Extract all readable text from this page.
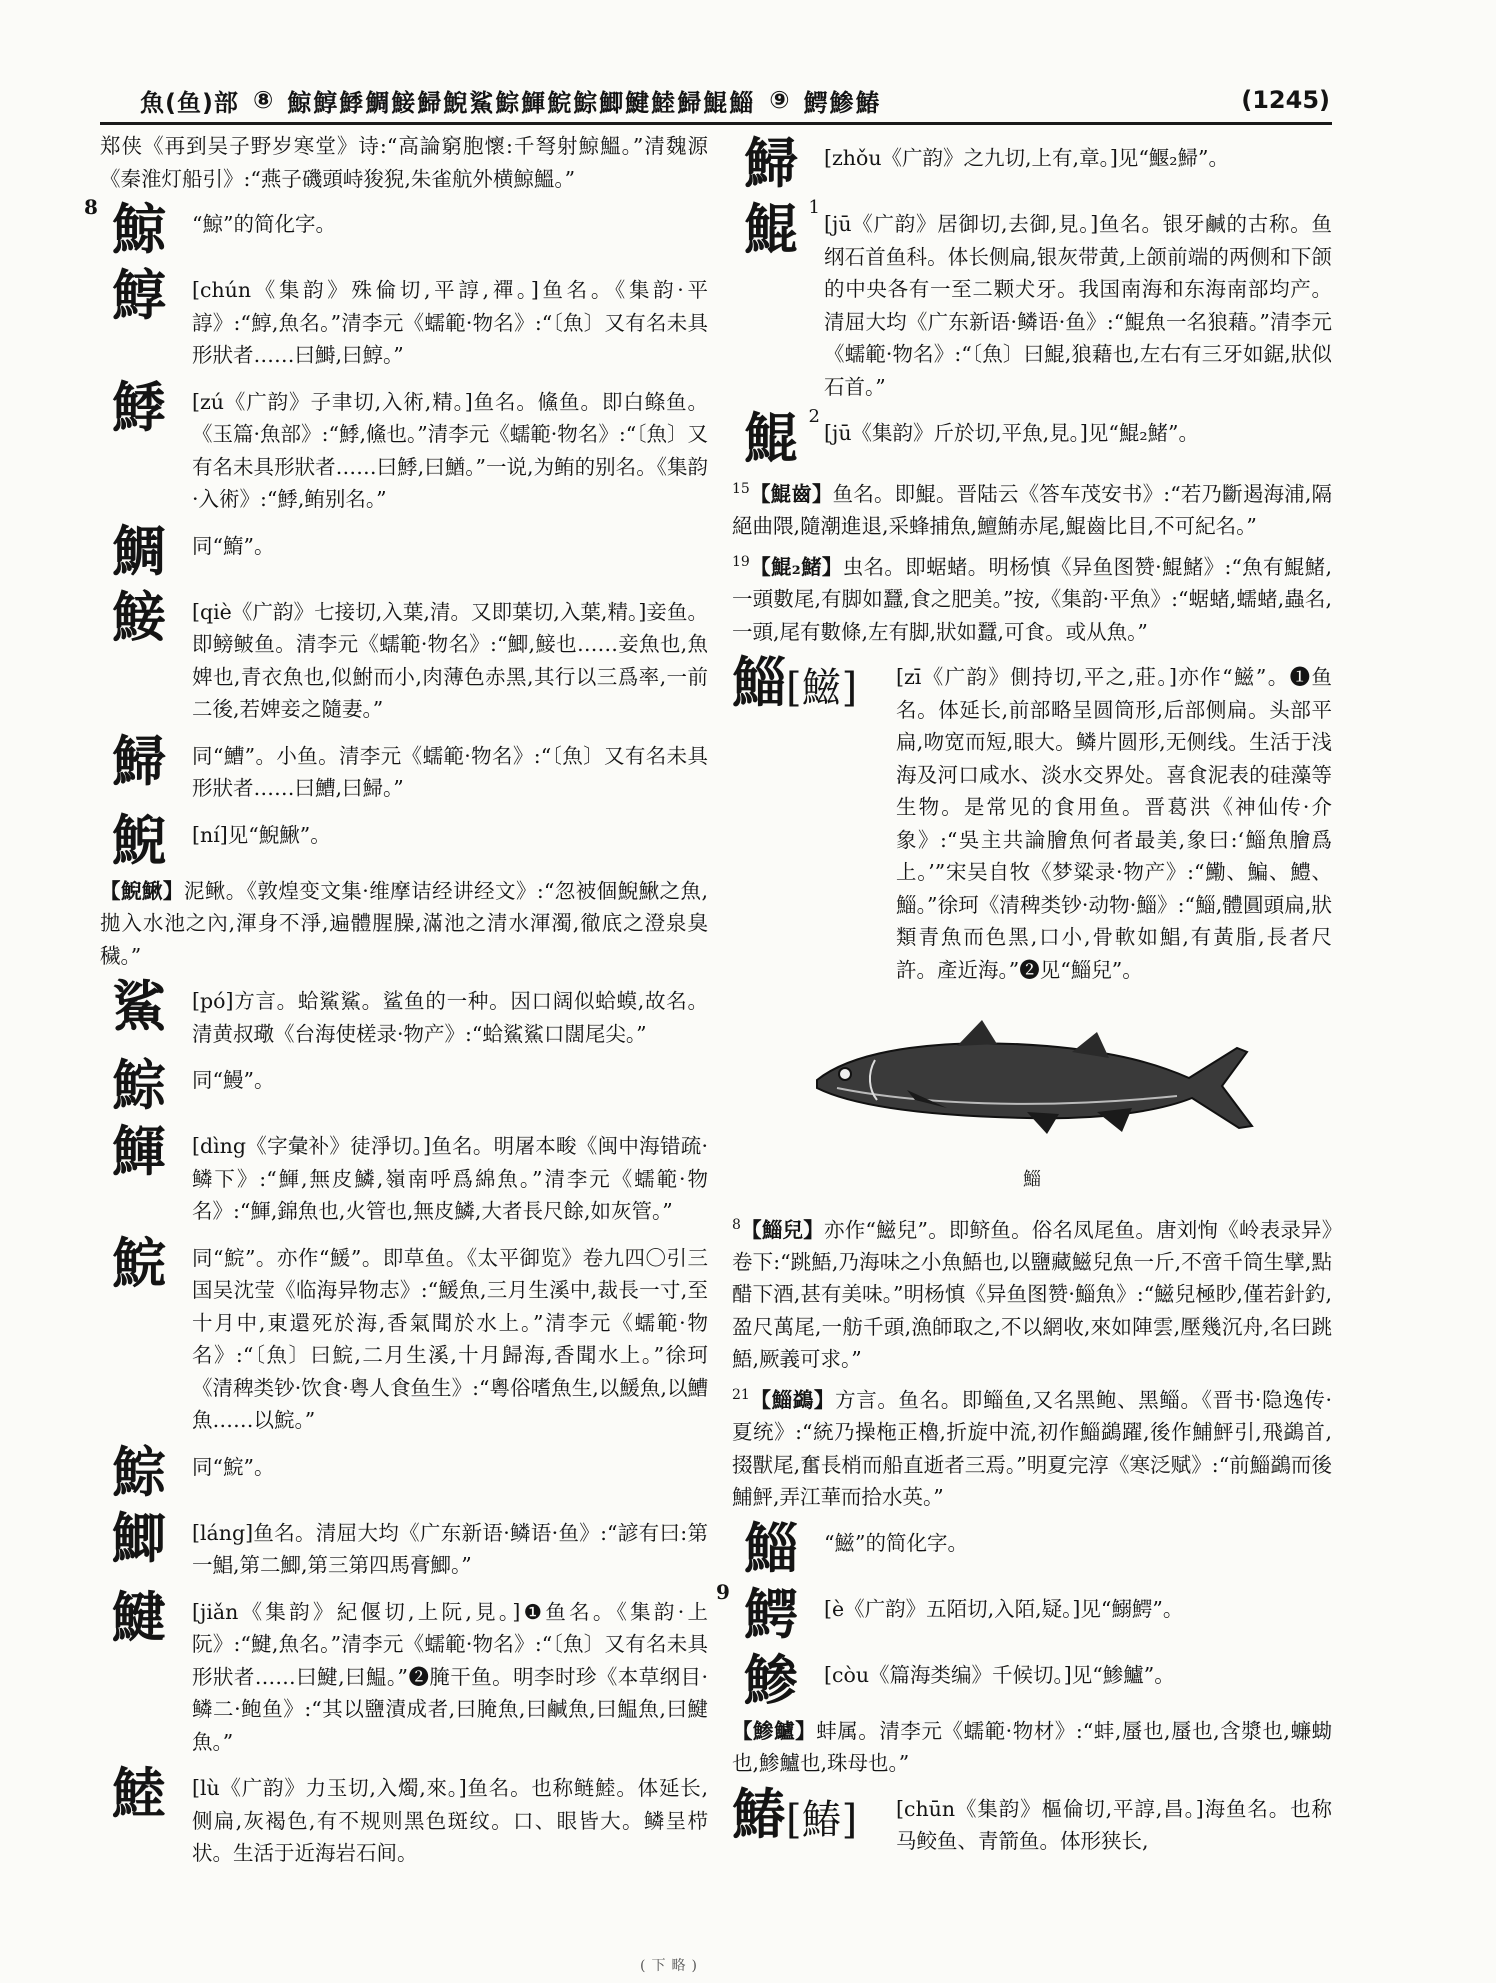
魚(鱼)部 ⑧ 鯨鯙鯚鯛鯜鯞鯢鯊鯮鯶鯇鯮鯽鰎鯥鯞鯤鯔 ⑨ 鰐鯵鰆	(1245)

郑侠《再到吴子野岁寒堂》诗:“高論窮胞懷:千弩射鯨鰮。”清魏源《秦淮灯船引》:“燕子磯頭峙狻猊,朱雀航外横鯨鰮。”

8 鯨	“鯨”的简化字。
鯙	[chún《集韵》殊倫切,平諄,禪。]鱼名。《集韵·平諄》:“鯙,魚名。”清李元《蠕範·物名》:“〔魚〕又有名未具形狀者……曰鰣,曰鯙。”
鯚	[zú《广韵》子聿切,入術,精。]鱼名。鯈鱼。即白鲦鱼。《玉篇·魚部》:“鯚,鯈也。”清李元《蠕範·物名》:“〔魚〕又有名未具形狀者……曰鯚,曰鰌。”一说,为鲔的别名。《集韵·入術》:“鯚,鲔别名。”
鯛	同“鰖”。
鯜	[qiè《广韵》七接切,入葉,清。又即葉切,入葉,精。]妾鱼。即鳑鲏鱼。清李元《蠕範·物名》:“鯽,鯜也……妾魚也,魚婢也,青衣魚也,似鮒而小,肉薄色赤黑,其行以三爲率,一前二後,若婢妾之隨妻。”
鯞	同“鰽”。小鱼。清李元《蠕範·物名》:“〔魚〕又有名未具形狀者……曰鰽,曰鯞。”
鯢	[ní]见“鯢鰍”。

【鯢鰍】泥鳅。《敦煌变文集·维摩诘经讲经文》:“忽被個鯢鰍之魚,拋入水池之內,渾身不淨,遍體腥臊,滿池之清水渾濁,徹底之澄泉臭穢。”

鯊	[pó]方言。蛤鯊鯊。鲨鱼的一种。因口阔似蛤蟆,故名。清黄叔璥《台海使槎录·物产》:“蛤鯊鯊口闊尾尖。”
鯮	同“鰻”。
鯶	[dìng《字彙补》徒淨切。]鱼名。明屠本畯《闽中海错疏·鳞下》:“鯶,無皮鱗,嶺南呼爲綿魚。”清李元《蠕範·物名》:“鯶,錦魚也,火管也,無皮鱗,大者長尺餘,如灰管。”
鯇	同“鯇”。亦作“鰀”。即草鱼。《太平御览》卷九四〇引三国吴沈莹《临海异物志》:“鰀魚,三月生溪中,裁長一寸,至十月中,東還死於海,香氣聞於水上。”清李元《蠕範·物名》:“〔魚〕曰鯇,二月生溪,十月歸海,香聞水上。”徐珂《清稗类钞·饮食·粤人食鱼生》:“粵俗嗜魚生,以鰀魚,以鰽魚……以鯇。”
鯮	同“鯇”。
鯽	[láng]鱼名。清屈大均《广东新语·鳞语·鱼》:“諺有曰:第一鯧,第二鯽,第三第四馬膏鯽。”
鰎	[jiǎn《集韵》紀偃切,上阮,見。]❶鱼名。《集韵·上阮》:“鰎,魚名。”清李元《蠕範·物名》:“〔魚〕又有名未具形狀者……曰鰎,曰鰛。”❷腌干鱼。明李时珍《本草纲目·鳞二·鲍鱼》:“其以鹽漬成者,曰腌魚,曰鹹魚,曰鰛魚,曰鰎魚。”
鯥	[lù《广韵》力玉切,入燭,來。]鱼名。也称鲢鯥。体延长,侧扁,灰褐色,有不规则黑色斑纹。口、眼皆大。鳞呈栉状。生活于近海岩石间。
鯞	[zhǒu《广韵》之九切,上有,章。]见“鰋₂鯞”。
鯤 1
[jū《广韵》居御切,去御,見。]鱼名。银牙鹹的古称。鱼纲石首鱼科。体长侧扁,银灰带黄,上颌前端的两侧和下颌的中央各有一至二颗犬牙。我国南海和东海南部均产。清屈大均《广东新语·鳞语·鱼》:“鯤魚一名狼藉。”清李元《蠕範·物名》:“〔魚〕曰鯤,狼藉也,左右有三牙如鋸,狀似石首。”
鯤 2
[jū《集韵》斤於切,平魚,見。]见“鯤₂鯺”。

$^{15}$【鯤齒】鱼名。即鯤。晋陆云《答车茂安书》:“若乃斷遏海浦,隔絕曲隈,隨潮進退,采蜂捕魚,鱣鮪赤尾,鯤齒比目,不可紀名。”

$^{19}$【鯤₂鯺】虫名。即蜛蝫。明杨慎《异鱼图赞·鯤鯺》:“魚有鯤鯺,一頭數尾,有脚如蠶,食之肥美。”按,《集韵·平魚》:“蜛蝫,蠕蝫,蟲名,一頭,尾有數條,左有脚,狀如蠶,可食。或从魚。”

鯔[鰦]	[zī《广韵》側持切,平之,莊。]亦作“鰦”。❶鱼名。体延长,前部略呈圆筒形,后部侧扁。头部平扁,吻宽而短,眼大。鳞片圆形,无侧线。生活于浅海及河口咸水、淡水交界处。喜食泥表的硅藻等生物。是常见的食用鱼。晋葛洪《神仙传·介象》:“吳主共論膾魚何者最美,象曰:‘鯔魚膾爲上。’”宋吴自牧《梦粱录·物产》:“鰳、鯿、鱧、鯔。”徐珂《清稗类钞·动物·鯔》:“鯔,體圓頭扁,狀類青魚而色黑,口小,骨軟如鯧,有黃脂,長者尺許。產近海。”❷见“鯔兒”。
鯔

$^8$【鯔兒】亦作“鰦兒”。即鲚鱼。俗名凤尾鱼。唐刘恂《岭表录异》卷下:“跳鯃,乃海味之小魚鯃也,以鹽藏鰦兒魚一斤,不啻千筒生擘,點醋下酒,甚有美味。”明杨慎《异鱼图赞·鯔魚》:“鰦兒極眇,僅若針釣,盈尺萬尾,一舫千頭,漁師取之,不以網收,來如陣雲,壓幾沉舟,名曰跳鯃,厥義可求。”

$^{21}$【鯔鷁】方言。鱼名。即鲻鱼,又名黑鲍、黑鲻。《晋书·隐逸传·夏统》:“統乃操柂正櫓,折旋中流,初作鯔鷁躍,後作鯆鮃引,飛鷁首,掇獸尾,奮長梢而船直逝者三焉。”明夏完淳《寒泛赋》:“前鯔鷁而後鯆鮃,弄江華而拾水英。”

鯔	“鰦”的简化字。
9 鰐	[è《广韵》五陌切,入陌,疑。]见“鰯鰐”。
鯵	[còu《篇海类编》千候切。]见“鯵鱸”。

【鯵鱸】蚌属。清李元《蠕範·物材》:“蚌,蜃也,蜃也,含漿也,蠊蜐也,鯵鱸也,珠母也。”

鰆[鰆]	[chūn《集韵》樞倫切,平諄,昌。]海鱼名。也称马鲛鱼、青箭鱼。体形狭长,
(下略)
